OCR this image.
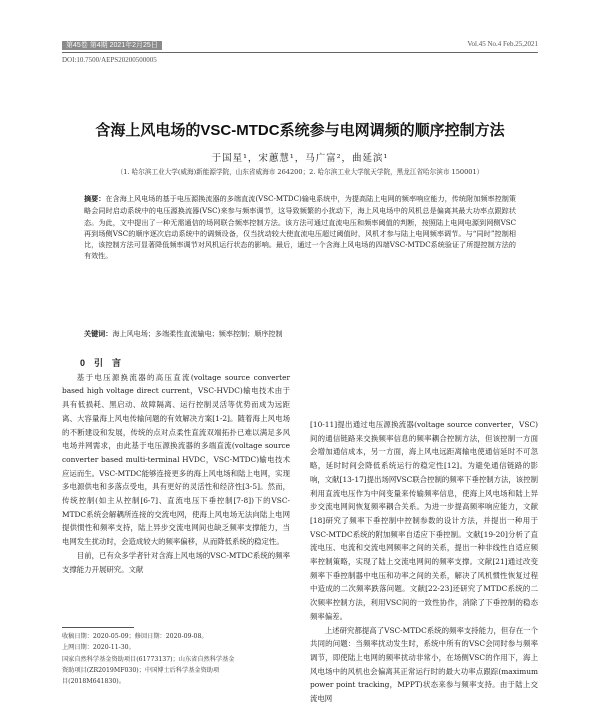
第45卷 第4期 2021年2月25日	Vol.45 No.4 Feb.25,2021
DOI:10.7500/AEPS20200500005
含海上风电场的VSC-MTDC系统参与电网调频的顺序控制方法
于国星¹，宋蕙慧¹，马广富²，曲延滨¹
（1. 哈尔滨工业大学(威海)新能源学院，山东省威海市 264200；2. 哈尔滨工业大学航天学院，黑龙江省哈尔滨市 150001）
摘要：在含海上风电场的基于电压源换流器的多端直流(VSC-MTDC)输电系统中，为提高陆上电网的频率响应能力，传统附加频率控制策略会同时启动系统中的电压源换流器(VSC)来参与频率调节，这导致频繁的小扰动下，海上风电场中的风机总是偏离其最大功率点跟踪状态。为此，文中提出了一种无需通信的场网联合频率控制方法。该方法可通过直流电压和频率阈值的判断，按照陆上电网电源到网侧VSC再到场侧VSC的顺序逐次启动系统中的调频设备，仅当扰动较大使直流电压超过阈值时，风机才参与陆上电网频率调节。与“同时”控制相比，该控制方法可显著降低频率调节对风机运行状态的影响。最后，通过一个含海上风电场的四端VSC-MTDC系统验证了所提控制方法的有效性。
关键词：海上风电场；多端柔性直流输电；频率控制；顺序控制

0　引　言

基于电压源换流器的高压直流(voltage source converter based high voltage direct current，VSC-HVDC)输电技术由于具有低损耗、黑启动、故障隔离、运行控制灵活等优势而成为远距离、大容量海上风电传输问题的有效解决方案[1-2]。随着海上风电场的不断建设和发展，传统的点对点柔性直流双端拓扑已难以满足多风电场并网需求，由此基于电压源换流器的多端直流(voltage source converter based multi-terminal HVDC，VSC-MTDC)输电技术应运而生。VSC-MTDC能够连接更多的海上风电场和陆上电网，实现多电源供电和多落点受电，具有更好的灵活性和经济性[3-5]。然而，传统控制(如主从控制[6-7]、直流电压下垂控制[7-8])下的VSC-MTDC系统会解耦所连接的交流电网，使海上风电场无法向陆上电网提供惯性和频率支持，陆上异步交流电网间也缺乏频率支撑能力，当电网发生扰动时，会造成较大的频率偏移，从而降低系统的稳定性。

目前，已有众多学者针对含海上风电场的VSC-MTDC系统的频率支撑能力开展研究。文献

[10-11]提出通过电压源换流器(voltage source converter，VSC)间的通信链路来交换频率信息的频率耦合控制方法，但该控制一方面会增加通信成本，另一方面，海上风电远距离输电使通信延时不可忽略，延时时间会降低系统运行的稳定性[12]。为避免通信链路的影响，文献[13-17]提出场网VSC联合控制的频率下垂控制方法，该控制利用直流电压作为中间变量来传输频率信息，使海上风电场和陆上异步交流电网间恢复频率耦合关系。为进一步提高频率响应能力，文献[18]研究了频率下垂控制中控制参数的设计方法，并提出一种用于VSC-MTDC系统的附加频率自适应下垂控制。文献[19-20]分析了直流电压、电流和交流电网频率之间的关系，提出一种非线性自适应频率控制策略，实现了陆上交流电网间的频率支撑。文献[21]通过改变频率下垂控制器中电压和功率之间的关系，解决了风机惯性恢复过程中造成的二次频率跌落问题。文献[22-23]还研究了MTDC系统的二次频率控制方法，利用VSC间的一致性协作，消除了下垂控制的稳态频率偏差。

上述研究都提高了VSC-MTDC系统的频率支持能力，但存在一个共同的问题：当频率扰动发生时，系统中所有的VSC会同时参与频率调节，即使陆上电网的频率扰动非常小，在场侧VSC的作用下，海上风电场中的风机也会偏离其正常运行时的最大功率点跟踪(maximum power point tracking，MPPT)状态来参与频率支持。由于陆上交流电网

收稿日期：2020-05-09；修回日期：2020-09-08。
上网日期：2020-11-30。
国家自然科学基金资助项目(61773137)；山东省自然科学基金
资助项目(ZR2019MF030)；中国博士后科学基金资助项
目(2018M641830)。
